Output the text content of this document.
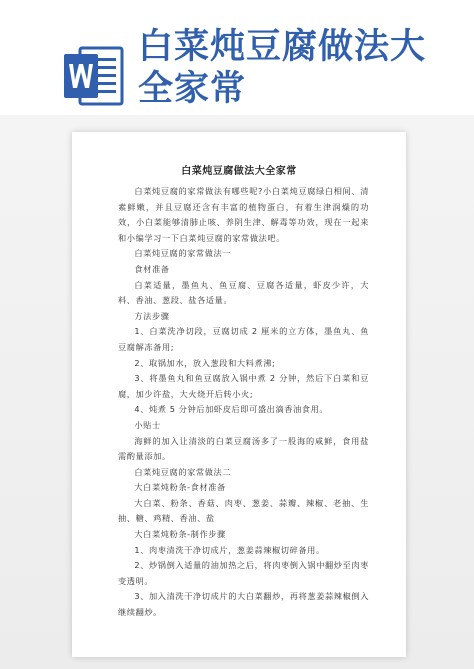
白菜炖豆腐做法大
全家常
白菜炖豆腐做法大全家常

白菜炖豆腐的家常做法有哪些呢?小白菜炖豆腐绿白相间、清素鲜嫩，并且豆腐还含有丰富的植物蛋白，有着生津润燥的功效，小白菜能够清肺止咳、养阴生津、解毒等功效，现在一起来和小编学习一下白菜炖豆腐的家常做法吧。

白菜炖豆腐的家常做法一

食材准备

白菜适量，墨鱼丸、鱼豆腐、豆腐各适量，虾皮少许，大料、香油、葱段、盐各适量。

方法步骤

1、白菜洗净切段，豆腐切成 2 厘米的立方体，墨鱼丸、鱼豆腐解冻备用;

2、取锅加水，放入葱段和大料煮沸;

3、将墨鱼丸和鱼豆腐放入锅中煮 2 分钟，然后下白菜和豆腐，加少许盐，大火烧开后转小火;

4、炖煮 5 分钟后加虾皮后即可盛出滴香油食用。

小贴士

海鲜的加入让清淡的白菜豆腐汤多了一股海的咸鲜，食用盐需酌量添加。

白菜炖豆腐的家常做法二

大白菜炖粉条-食材准备

大白菜、粉条、香菇、肉枣、葱姜、蒜瓣、辣椒、老抽、生抽、糖、鸡精、香油、盐

大白菜炖粉条-制作步骤

1、肉枣清洗干净切成片，葱姜蒜辣椒切碎备用。

2、炒锅倒入适量的油加热之后，将肉枣倒入锅中翻炒至肉枣变透明。

3、加入清洗干净切成片的大白菜翻炒，再将葱姜蒜辣椒倒入继续翻炒。
